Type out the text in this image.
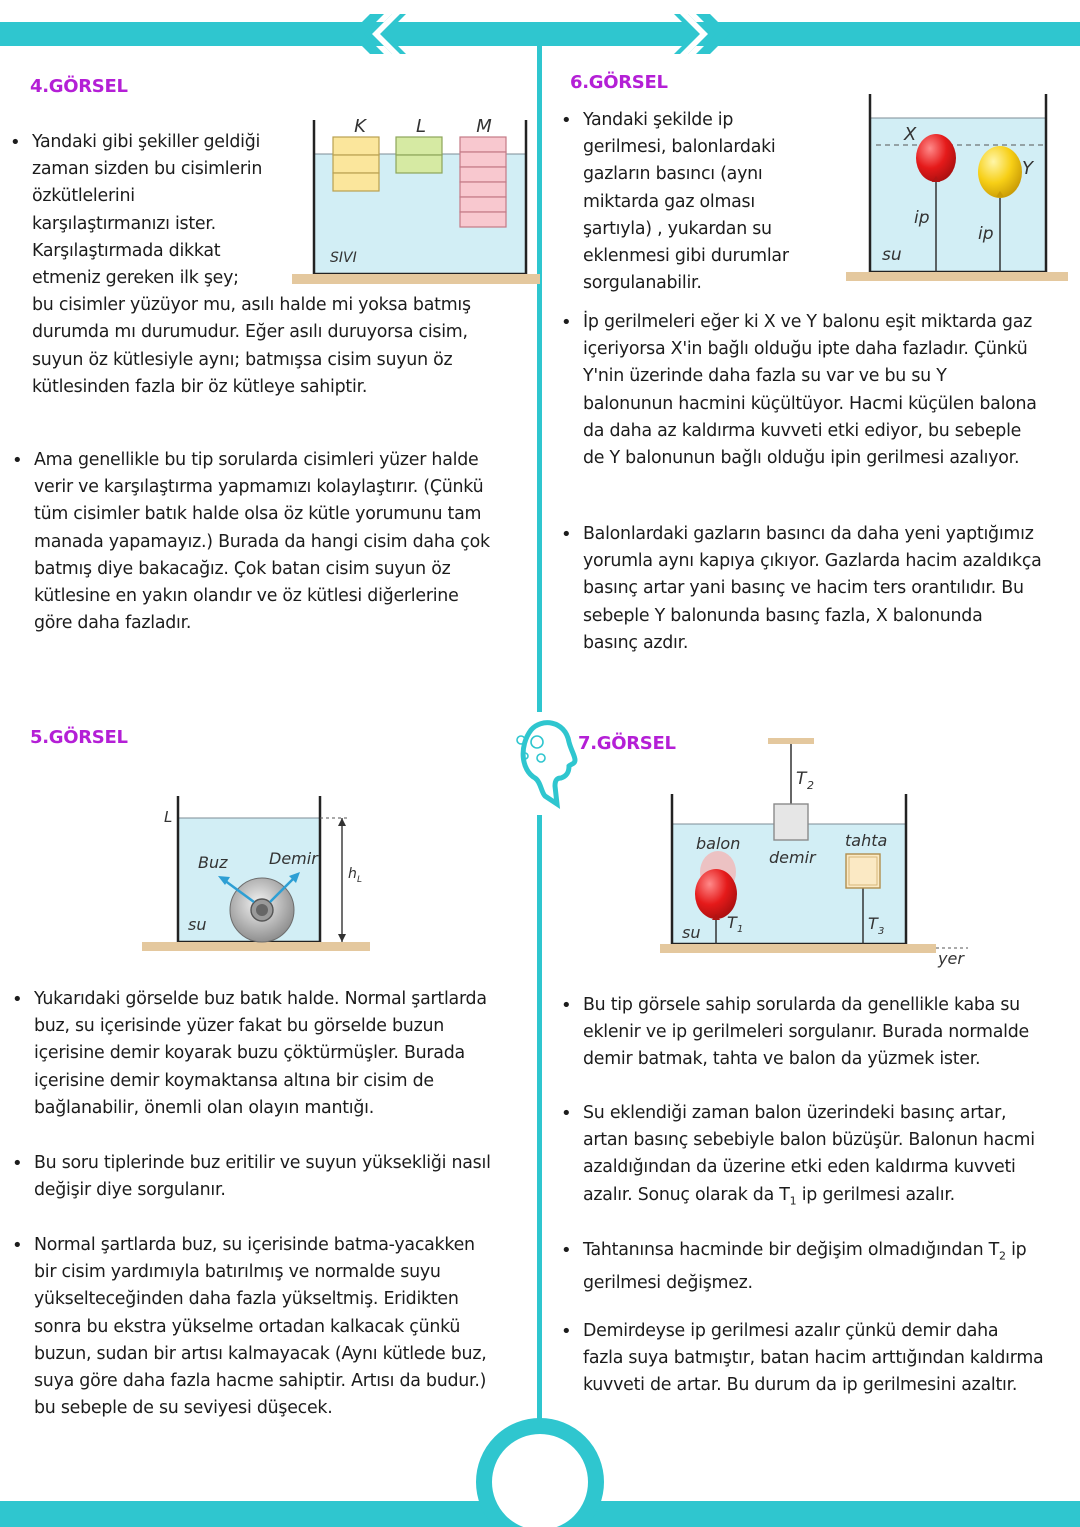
4.GÖRSEL
K	L	M
SIVI
• Yandaki gibi şekiller geldiği
zaman sizden bu cisimlerin
özkütlelerini
karşılaştırmanızı ister.
Karşılaştırmada dikkat
etmeniz gereken ilk şey;
bu cisimler yüzüyor mu, asılı halde mi yoksa batmış
durumda mı durumudur. Eğer asılı duruyorsa cisim,
suyun öz kütlesiyle aynı; batmışsa cisim suyun öz
kütlesinden fazla bir öz kütleye sahiptir.
• Ama genellikle bu tip sorularda cisimleri yüzer halde
verir ve karşılaştırma yapmamızı kolaylaştırır. (Çünkü
tüm cisimler batık halde olsa öz kütle yorumunu tam
manada yapamayız.) Burada da hangi cisim daha çok
batmış diye bakacağız. Çok batan cisim suyun öz
kütlesine en yakın olandır ve öz kütlesi diğerlerine
göre daha fazladır.
5.GÖRSEL
L
Buz	Demir
h L
su
• Yukarıdaki görselde buz batık halde. Normal şartlarda
buz, su içerisinde yüzer fakat bu görselde buzun
içerisine demir koyarak buzu çöktürmüşler. Burada
içerisine demir koymaktansa altına bir cisim de
bağlanabilir, önemli olan olayın mantığı.
• Bu soru tiplerinde buz eritilir ve suyun yüksekliği nasıl
değişir diye sorgulanır.
• Normal şartlarda buz, su içerisinde batma-yacakken
bir cisim yardımıyla batırılmış ve normalde suyu
yükselteceğinden daha fazla yükseltmiş. Eridikten
sonra bu ekstra yükselme ortadan kalkacak çünkü
buzun, sudan bir artısı kalmayacak (Aynı kütlede buz,
suya göre daha fazla hacme sahiptir. Artısı da budur.)
bu sebeple de su seviyesi düşecek.
6.GÖRSEL
X
Y
ip
ip
su
• Yandaki şekilde ip
gerilmesi, balonlardaki
gazların basıncı (aynı
miktarda gaz olması
şartıyla) , yukardan su
eklenmesi gibi durumlar
sorgulanabilir.
• İp gerilmeleri eğer ki X ve Y balonu eşit miktarda gaz
içeriyorsa X'in bağlı olduğu ipte daha fazladır. Çünkü
Y'nin üzerinde daha fazla su var ve bu su Y
balonunun hacmini küçültüyor. Hacmi küçülen balona
da daha az kaldırma kuvveti etki ediyor, bu sebeple
de Y balonunun bağlı olduğu ipin gerilmesi azalıyor.
• Balonlardaki gazların basıncı da daha yeni yaptığımız
yorumla aynı kapıya çıkıyor. Gazlarda hacim azaldıkça
basınç artar yani basınç ve hacim ters orantılıdır. Bu
sebeple Y balonunda basınç fazla, X balonunda
basınç azdır.
7.GÖRSEL
T 2
balon
demir
tahta
T 1	T 3
su
yer
• Bu tip görsele sahip sorularda da genellikle kaba su
eklenir ve ip gerilmeleri sorgulanır. Burada normalde
demir batmak, tahta ve balon da yüzmek ister.
• Su eklendiği zaman balon üzerindeki basınç artar,
artan basınç sebebiyle balon büzüşür. Balonun hacmi
azaldığından da üzerine etki eden kaldırma kuvveti
azalır. Sonuç olarak da $T_1$ ip gerilmesi azalır.
• Tahtanınsa hacminde bir değişim olmadığından $T_2$ ip
gerilmesi değişmez.
• Demirdeyse ip gerilmesi azalır çünkü demir daha
fazla suya batmıştır, batan hacim arttığından kaldırma
kuvveti de artar. Bu durum da ip gerilmesini azaltır.
